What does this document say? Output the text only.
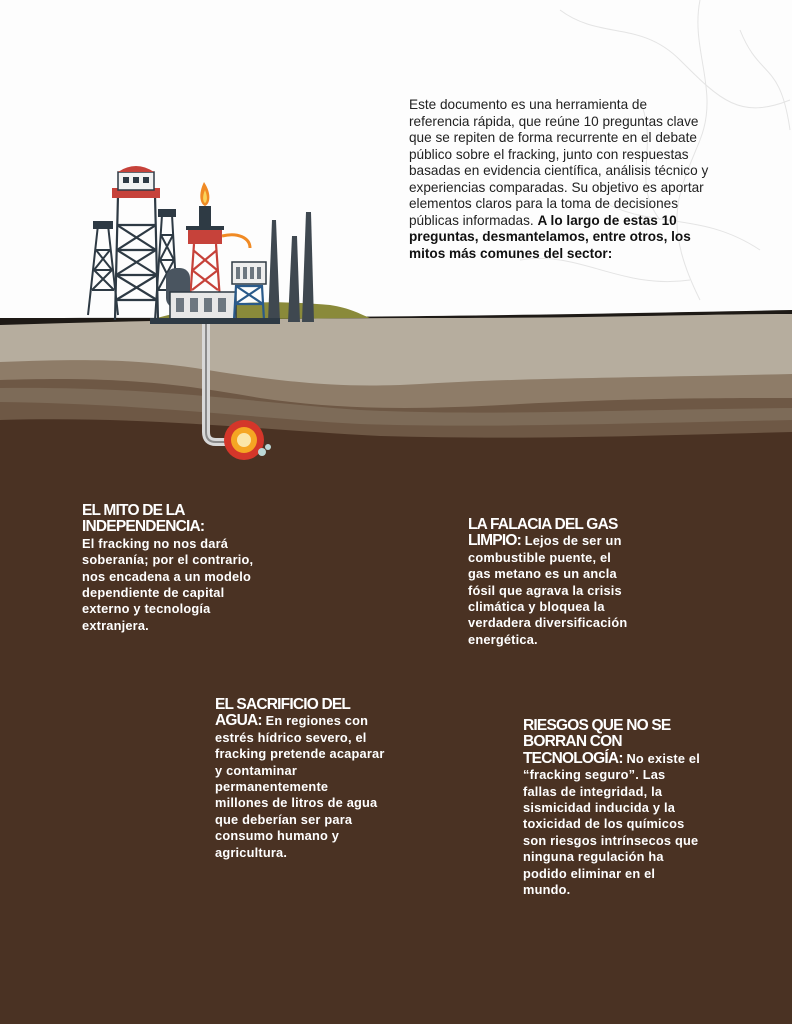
Este documento es una herramienta de referencia rápida, que reúne 10 preguntas clave que se repiten de forma recurrente en el debate público sobre el fracking, junto con respuestas basadas en evidencia científica, análisis técnico y experiencias comparadas. Su objetivo es aportar elementos claros para la toma de decisiones públicas informadas. A lo largo de estas 10 preguntas, desmantelamos, entre otros, los mitos más comunes del sector:
EL MITO DE LA INDEPENDENCIA:
El fracking no nos dará soberanía; por el contrario, nos encadena a un modelo dependiente de capital externo y tecnología extranjera.
LA FALACIA DEL GAS LIMPIO: Lejos de ser un combustible puente, el gas metano es un ancla fósil que agrava la crisis climática y bloquea la verdadera diversificación energética.
EL SACRIFICIO DEL AGUA: En regiones con estrés hídrico severo, el fracking pretende acaparar y contaminar permanentemente millones de litros de agua que deberían ser para consumo humano y agricultura.
RIESGOS QUE NO SE BORRAN CON TECNOLOGÍA: No existe el “fracking seguro”. Las fallas de integridad, la sismicidad inducida y la toxicidad de los químicos son riesgos intrínsecos que ninguna regulación ha podido eliminar en el mundo.
